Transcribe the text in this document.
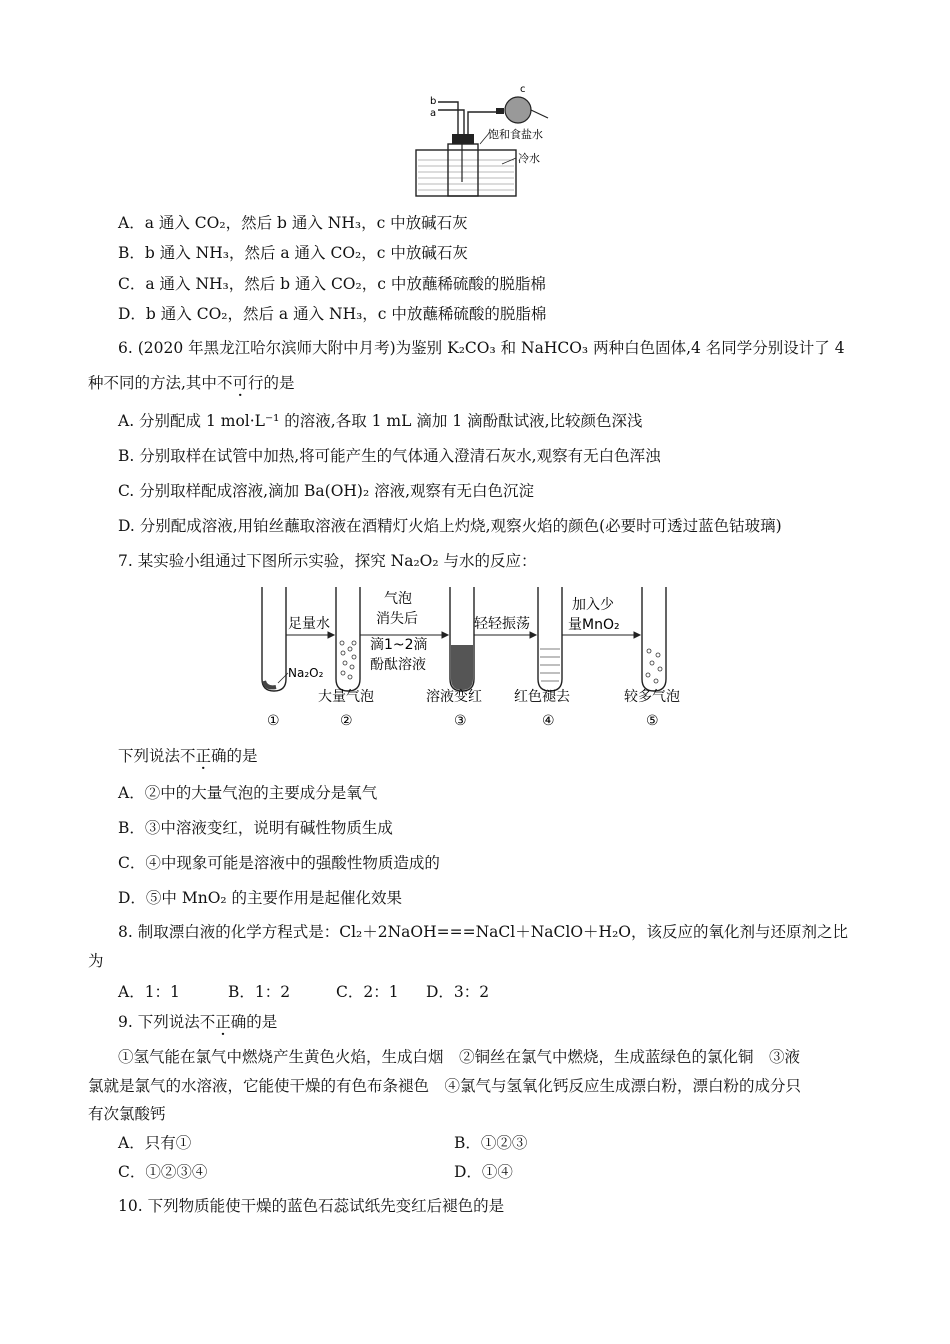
b
a
c
饱和食盐水
冷水
A．a 通入 CO₂，然后 b 通入 NH₃，c 中放碱石灰
B．b 通入 NH₃，然后 a 通入 CO₂，c 中放碱石灰
C．a 通入 NH₃，然后 b 通入 CO₂，c 中放蘸稀硫酸的脱脂棉
D．b 通入 CO₂，然后 a 通入 NH₃，c 中放蘸稀硫酸的脱脂棉
6. (2020 年黑龙江哈尔滨师大附中月考)为鉴别 K₂CO₃ 和 NaHCO₃ 两种白色固体,4 名同学分别设计了 4
种不同的方法,其中不可行的是
A. 分别配成 1 mol·L⁻¹ 的溶液,各取 1 mL 滴加 1 滴酚酞试液,比较颜色深浅
B. 分别取样在试管中加热,将可能产生的气体通入澄清石灰水,观察有无白色浑浊
C. 分别取样配成溶液,滴加 Ba(OH)₂ 溶液,观察有无白色沉淀
D. 分别配成溶液,用铂丝蘸取溶液在酒精灯火焰上灼烧,观察火焰的颜色(必要时可透过蓝色钴玻璃)
7. 某实验小组通过下图所示实验，探究 Na₂O₂ 与水的反应：
足量水
气泡
消失后
滴1~2滴
酚酞溶液
轻轻振荡
加入少
量MnO₂
Na₂O₂
大量气泡	溶液变红 红色褪去	较多气泡
①	②	③	④	⑤
下列说法不正确的是
A．②中的大量气泡的主要成分是氧气
B．③中溶液变红，说明有碱性物质生成
C．④中现象可能是溶液中的强酸性物质造成的
D．⑤中 MnO₂ 的主要作用是起催化效果
8. 制取漂白液的化学方程式是：Cl₂＋2NaOH===NaCl＋NaClO＋H₂O，该反应的氧化剂与还原剂之比
为
A．1：1	B．1：2	C．2：1 D．3：2
9. 下列说法不正确的是
①氢气能在氯气中燃烧产生黄色火焰，生成白烟　②铜丝在氯气中燃烧，生成蓝绿色的氯化铜　③液
氯就是氯气的水溶液，它能使干燥的有色布条褪色　④氯气与氢氧化钙反应生成漂白粉，漂白粉的成分只
有次氯酸钙
A．只有①	B．①②③
C．①②③④	D．①④
10. 下列物质能使干燥的蓝色石蕊试纸先变红后褪色的是
